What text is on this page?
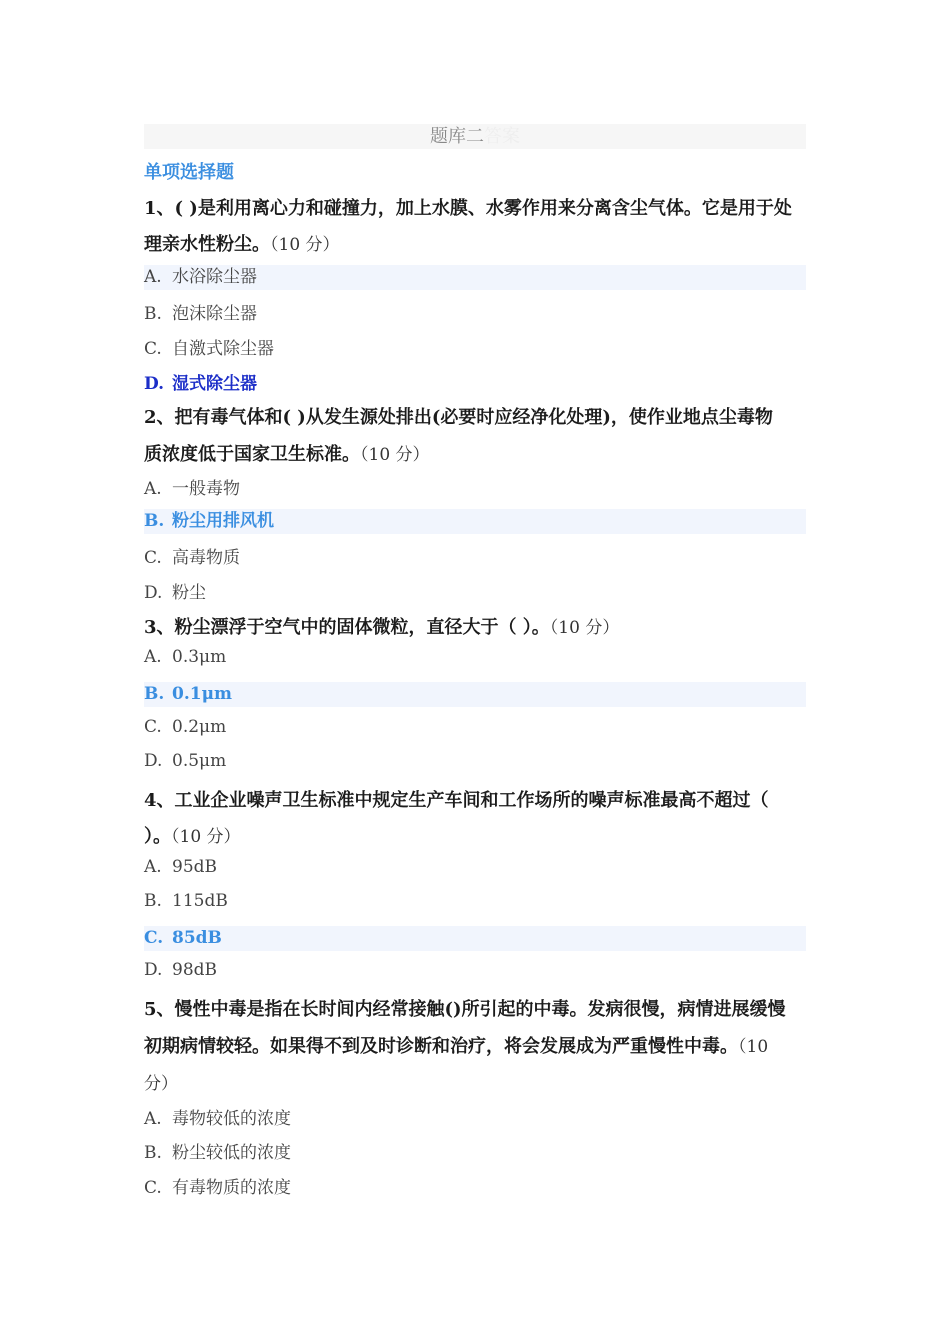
题库二答案
单项选择题
1、( )是利用离心力和碰撞力，加上水膜、水雾作用来分离含尘气体。它是用于处
理亲水性粉尘。（10 分）
A. 水浴除尘器
B. 泡沫除尘器
C. 自激式除尘器
D. 湿式除尘器
2、把有毒气体和( )从发生源处排出(必要时应经净化处理)，使作业地点尘毒物
质浓度低于国家卫生标准。（10 分）
A. 一般毒物
B. 粉尘用排风机
C. 高毒物质
D. 粉尘
3、粉尘漂浮于空气中的固体微粒，直径大于（ ）。（10 分）
A. 0.3μm
B. 0.1μm
C. 0.2μm
D. 0.5μm
4、工业企业噪声卫生标准中规定生产车间和工作场所的噪声标准最高不超过（
）。（10 分）
A. 95dB
B. 115dB
C. 85dB
D. 98dB
5、慢性中毒是指在长时间内经常接触()所引起的中毒。发病很慢，病情进展缓慢
初期病情较轻。如果得不到及时诊断和治疗，将会发展成为严重慢性中毒。（10
分）
A. 毒物较低的浓度
B. 粉尘较低的浓度
C. 有毒物质的浓度
